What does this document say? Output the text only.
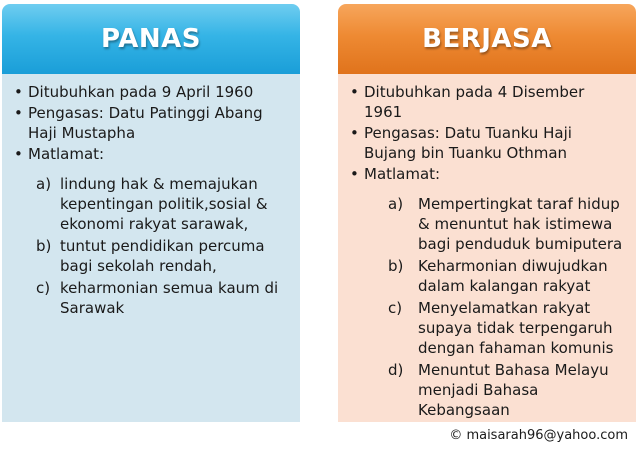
PANAS
• Ditubuhkan pada 9 April 1960
• Pengasas: Datu Patinggi Abang Haji Mustapha
• Matlamat:
a) lindung hak & memajukan kepentingan politik,sosial & ekonomi rakyat sarawak,
b) tuntut pendidikan percuma bagi sekolah rendah,
c) keharmonian semua kaum di Sarawak
BERJASA
• Ditubuhkan pada 4 Disember 1961
• Pengasas: Datu Tuanku Haji Bujang bin Tuanku Othman
• Matlamat:
a) Mempertingkat taraf hidup & menuntut hak istimewa bagi penduduk bumiputera
b) Keharmonian diwujudkan dalam kalangan rakyat
c) Menyelamatkan rakyat supaya tidak terpengaruh dengan fahaman komunis
d) Menuntut Bahasa Melayu menjadi Bahasa Kebangsaan
© maisarah96@yahoo.com
